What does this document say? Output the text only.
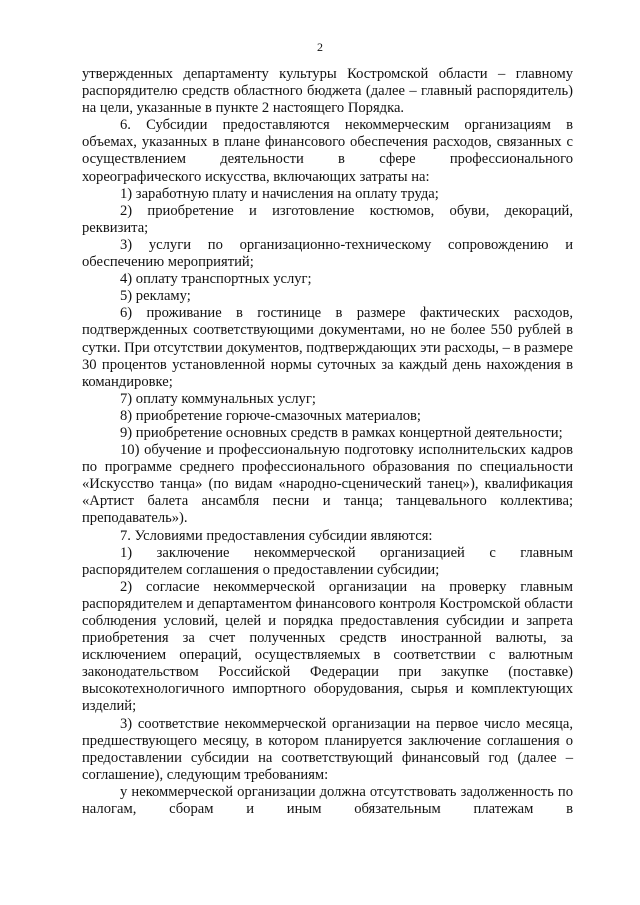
2

утвержденных департаменту культуры Костромской области – главному распорядителю средств областного бюджета (далее – главный распорядитель) на цели, указанные в пункте 2 настоящего Порядка.

6. Субсидии предоставляются некоммерческим организациям в объемах, указанных в плане финансового обеспечения расходов, связанных с осуществлением деятельности в сфере профессионального хореографического искусства, включающих затраты на:

1) заработную плату и начисления на оплату труда;

2) приобретение и изготовление костюмов, обуви, декораций, реквизита;

3) услуги по организационно-техническому сопровождению и обеспечению мероприятий;

4) оплату транспортных услуг;

5) рекламу;

6) проживание в гостинице в размере фактических расходов, подтвержденных соответствующими документами, но не более 550 рублей в сутки. При отсутствии документов, подтверждающих эти расходы, – в размере 30 процентов установленной нормы суточных за каждый день нахождения в командировке;

7) оплату коммунальных услуг;

8) приобретение горюче-смазочных материалов;

9) приобретение основных средств в рамках концертной деятельности;

10) обучение и профессиональную подготовку исполнительских кадров по программе среднего профессионального образования по специальности «Искусство танца» (по видам «народно-сценический танец»), квалификация «Артист балета ансамбля песни и танца; танцевального коллектива; преподаватель»).

7. Условиями предоставления субсидии являются:

1) заключение некоммерческой организацией с главным распорядителем соглашения о предоставлении субсидии;

2) согласие некоммерческой организации на проверку главным распорядителем и департаментом финансового контроля Костромской области соблюдения условий, целей и порядка предоставления субсидии и запрета приобретения за счет полученных средств иностранной валюты, за исключением операций, осуществляемых в соответствии с валютным законодательством Российской Федерации при закупке (поставке) высокотехнологичного импортного оборудования, сырья и комплектующих изделий;

3) соответствие некоммерческой организации на первое число месяца, предшествующего месяцу, в котором планируется заключение соглашения о предоставлении субсидии на соответствующий финансовый год (далее – соглашение), следующим требованиям:

у некоммерческой организации должна отсутствовать задолженность по налогам, сборам и иным обязательным платежам в
